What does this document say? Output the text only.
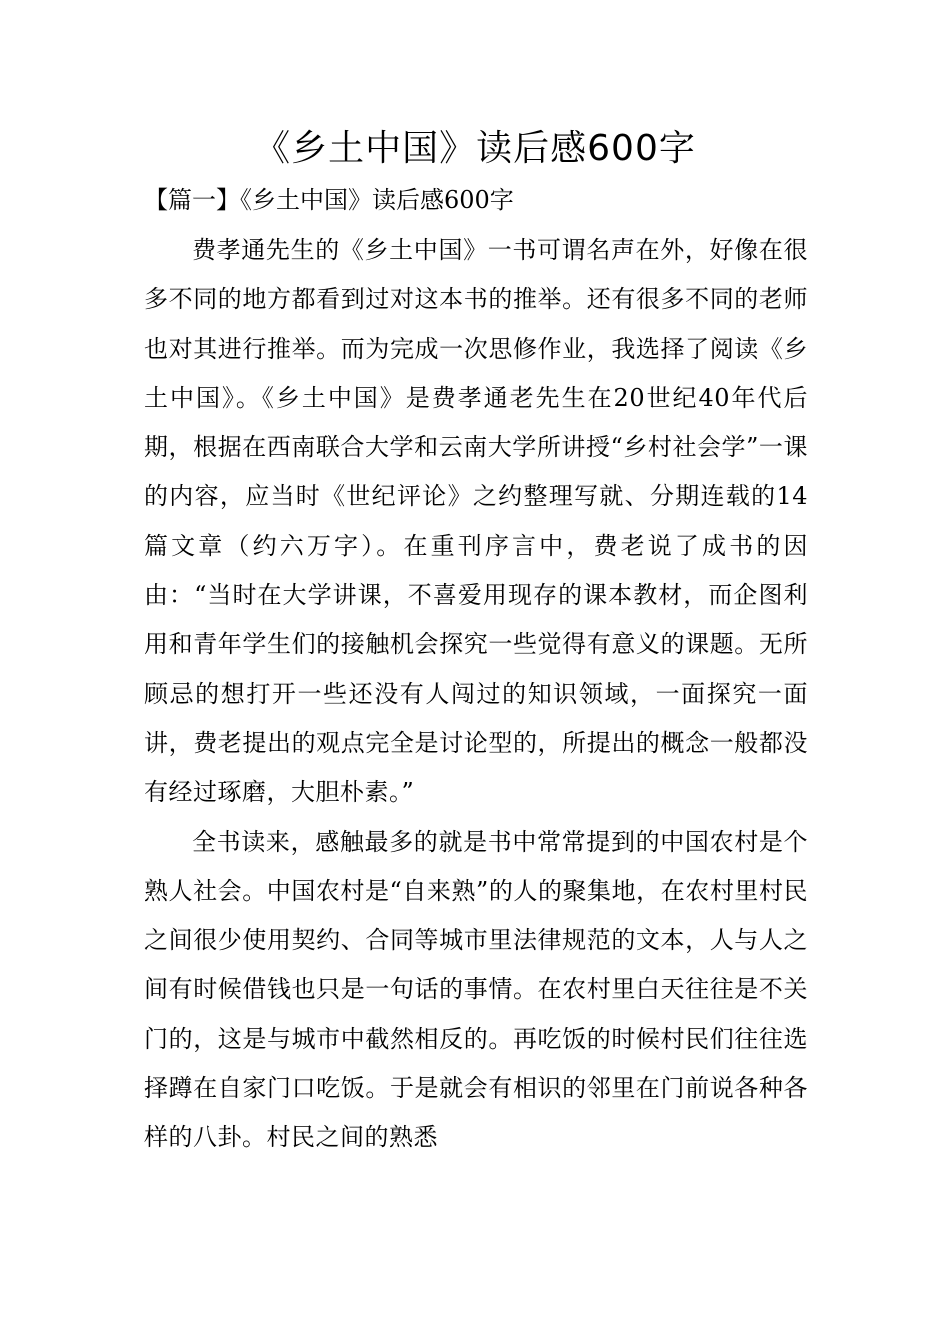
《乡土中国》读后感600字

【篇一】《乡土中国》读后感600字

费孝通先生的《乡土中国》一书可谓名声在外，好像在很多不同的地方都看到过对这本书的推举。还有很多不同的老师也对其进行推举。而为完成一次思修作业，我选择了阅读《乡土中国》。《乡土中国》是费孝通老先生在20世纪40年代后期，根据在西南联合大学和云南大学所讲授“乡村社会学”一课的内容，应当时《世纪评论》之约整理写就、分期连载的14篇文章（约六万字）。在重刊序言中，费老说了成书的因由：“当时在大学讲课，不喜爱用现存的课本教材，而企图利用和青年学生们的接触机会探究一些觉得有意义的课题。无所顾忌的想打开一些还没有人闯过的知识领域，一面探究一面讲，费老提出的观点完全是讨论型的，所提出的概念一般都没有经过琢磨，大胆朴素。”

全书读来，感触最多的就是书中常常提到的中国农村是个熟人社会。中国农村是“自来熟”的人的聚集地，在农村里村民之间很少使用契约、合同等城市里法律规范的文本，人与人之间有时候借钱也只是一句话的事情。在农村里白天往往是不关门的，这是与城市中截然相反的。再吃饭的时候村民们往往选择蹲在自家门口吃饭。于是就会有相识的邻里在门前说各种各样的八卦。村民之间的熟悉
